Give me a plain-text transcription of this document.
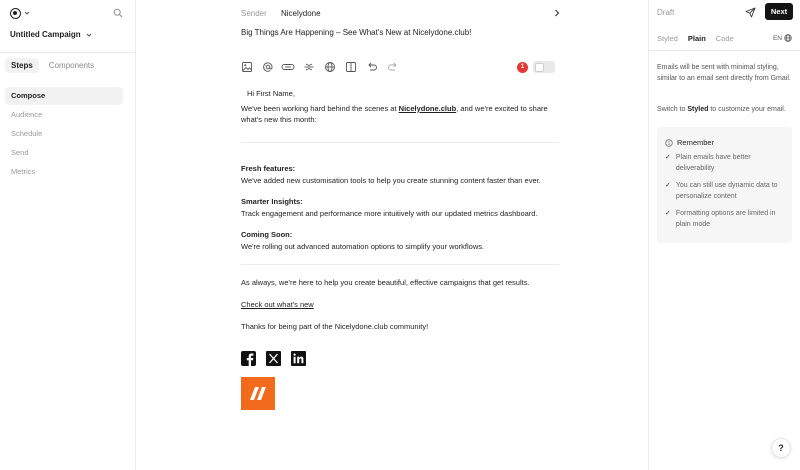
Untitled Campaign
Steps	Components
Compose
Audience
Schedule
Send
Metrics
Sender	Nicelydone
Big Things Are Happening – See What's New at Nicelydone.club!
1
Hi First Name,
We've been working hard behind the scenes at Nicelydone.club, and we're excited to share what's new this month:
Fresh features:
We've added new customisation tools to help you create stunning content faster than ever.
Smarter Insights:
Track engagement and performance more intuitively with our updated metrics dashboard.
Coming Soon:
We're rolling out advanced automation options to simplify your workflows.
As always, we're here to help you create beautiful, effective campaigns that get results.
Check out what's new
Thanks for being part of the Nicelydone.club community!
Draft	Next
Styled Plain Code	EN
Emails will be sent with minimal styling, similar to an email sent directly from Gmail.
Switch to Styled to customize your email.
Remember
✓ Plain emails have better deliverability
✓ You can still use dynamic data to personalize content
✓ Formatting options are limited in plain mode
?
